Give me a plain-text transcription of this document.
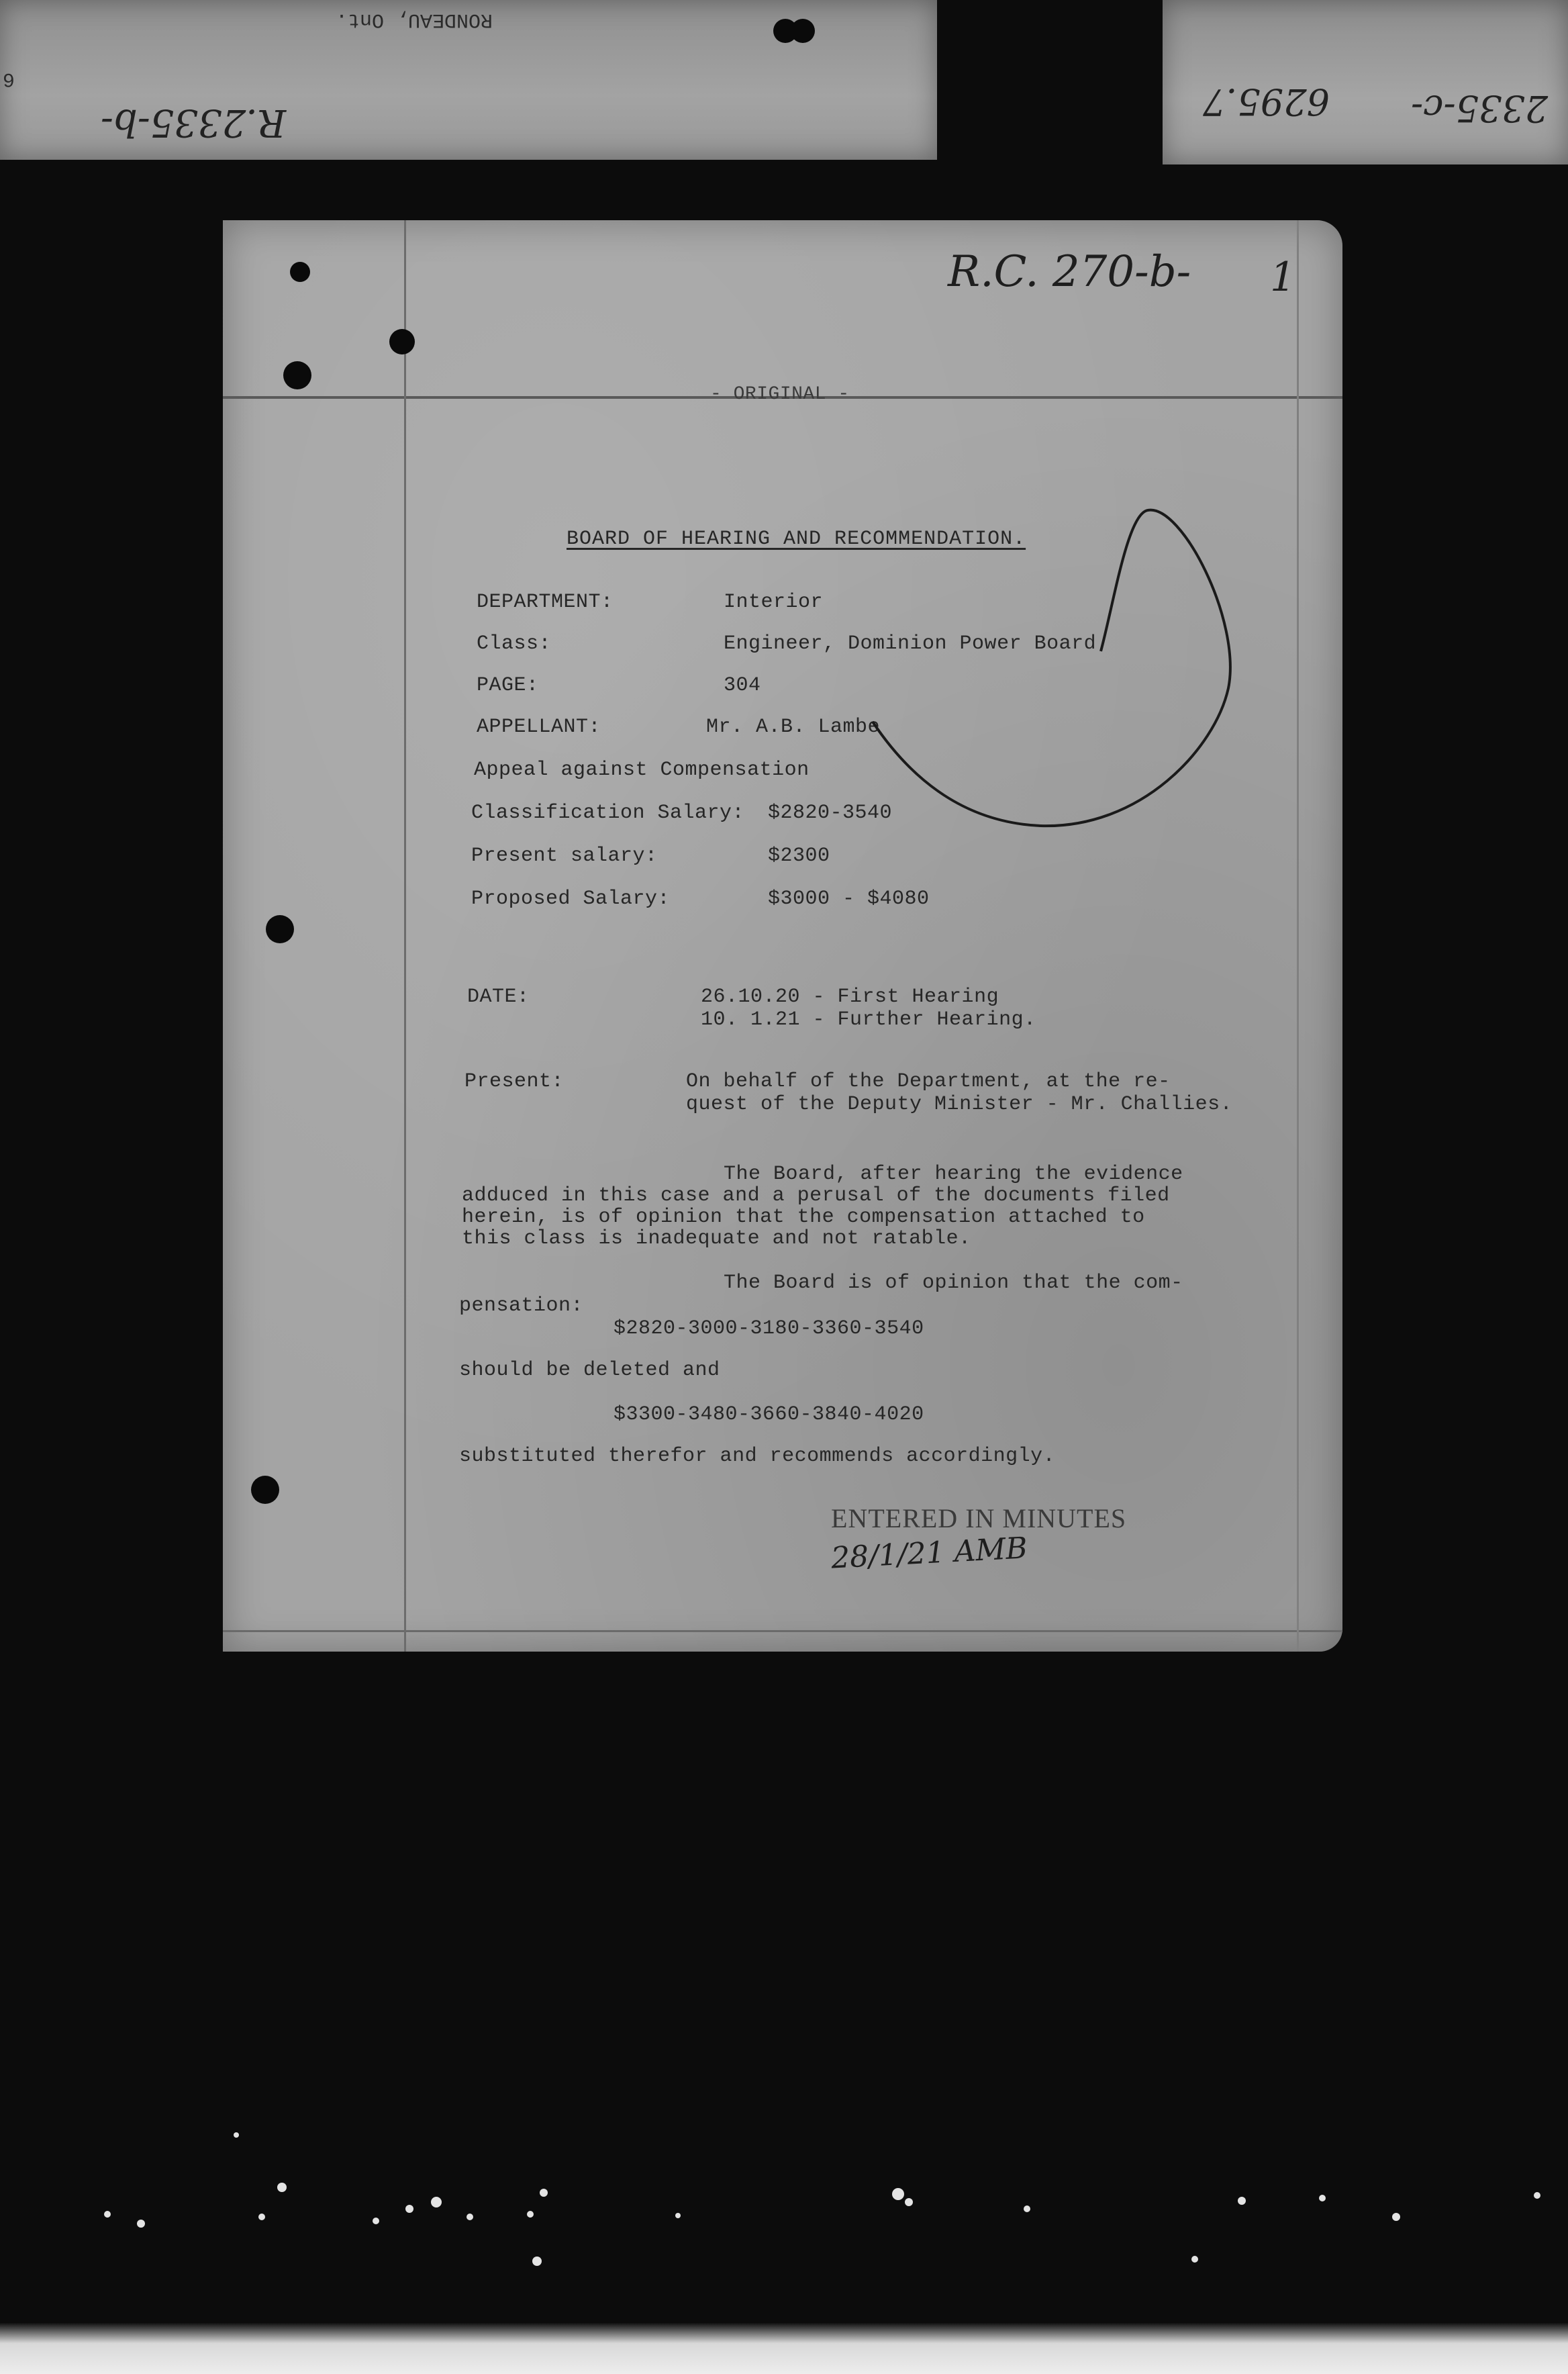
RONDEAU, Ont.
R.2335-b-
6
6295.7 2335-c-
R.C. 270-b- 1
- ORIGINAL -
BOARD OF HEARING AND RECOMMENDATION.
DEPARTMENT:	Interior
Class:	Engineer, Dominion Power Board
PAGE:	304
APPELLANT:	Mr. A.B. Lambe
Appeal against Compensation
Classification Salary: $2820-3540
Present salary:	$2300
Proposed Salary:	$3000 - $4080
DATE:	26.10.20 - First Hearing
10. 1.21 - Further Hearing.
Present:	On behalf of the Department, at the re-
quest of the Deputy Minister - Mr. Challies.
The Board, after hearing the evidence
adduced in this case and a perusal of the documents filed
herein, is of opinion that the compensation attached to
this class is inadequate and not ratable.
The Board is of opinion that the com-
pensation:
$2820-3000-3180-3360-3540
should be deleted and
$3300-3480-3660-3840-4020
substituted therefor and recommends accordingly.
ENTERED IN MINUTES
28/1/21 AMB
